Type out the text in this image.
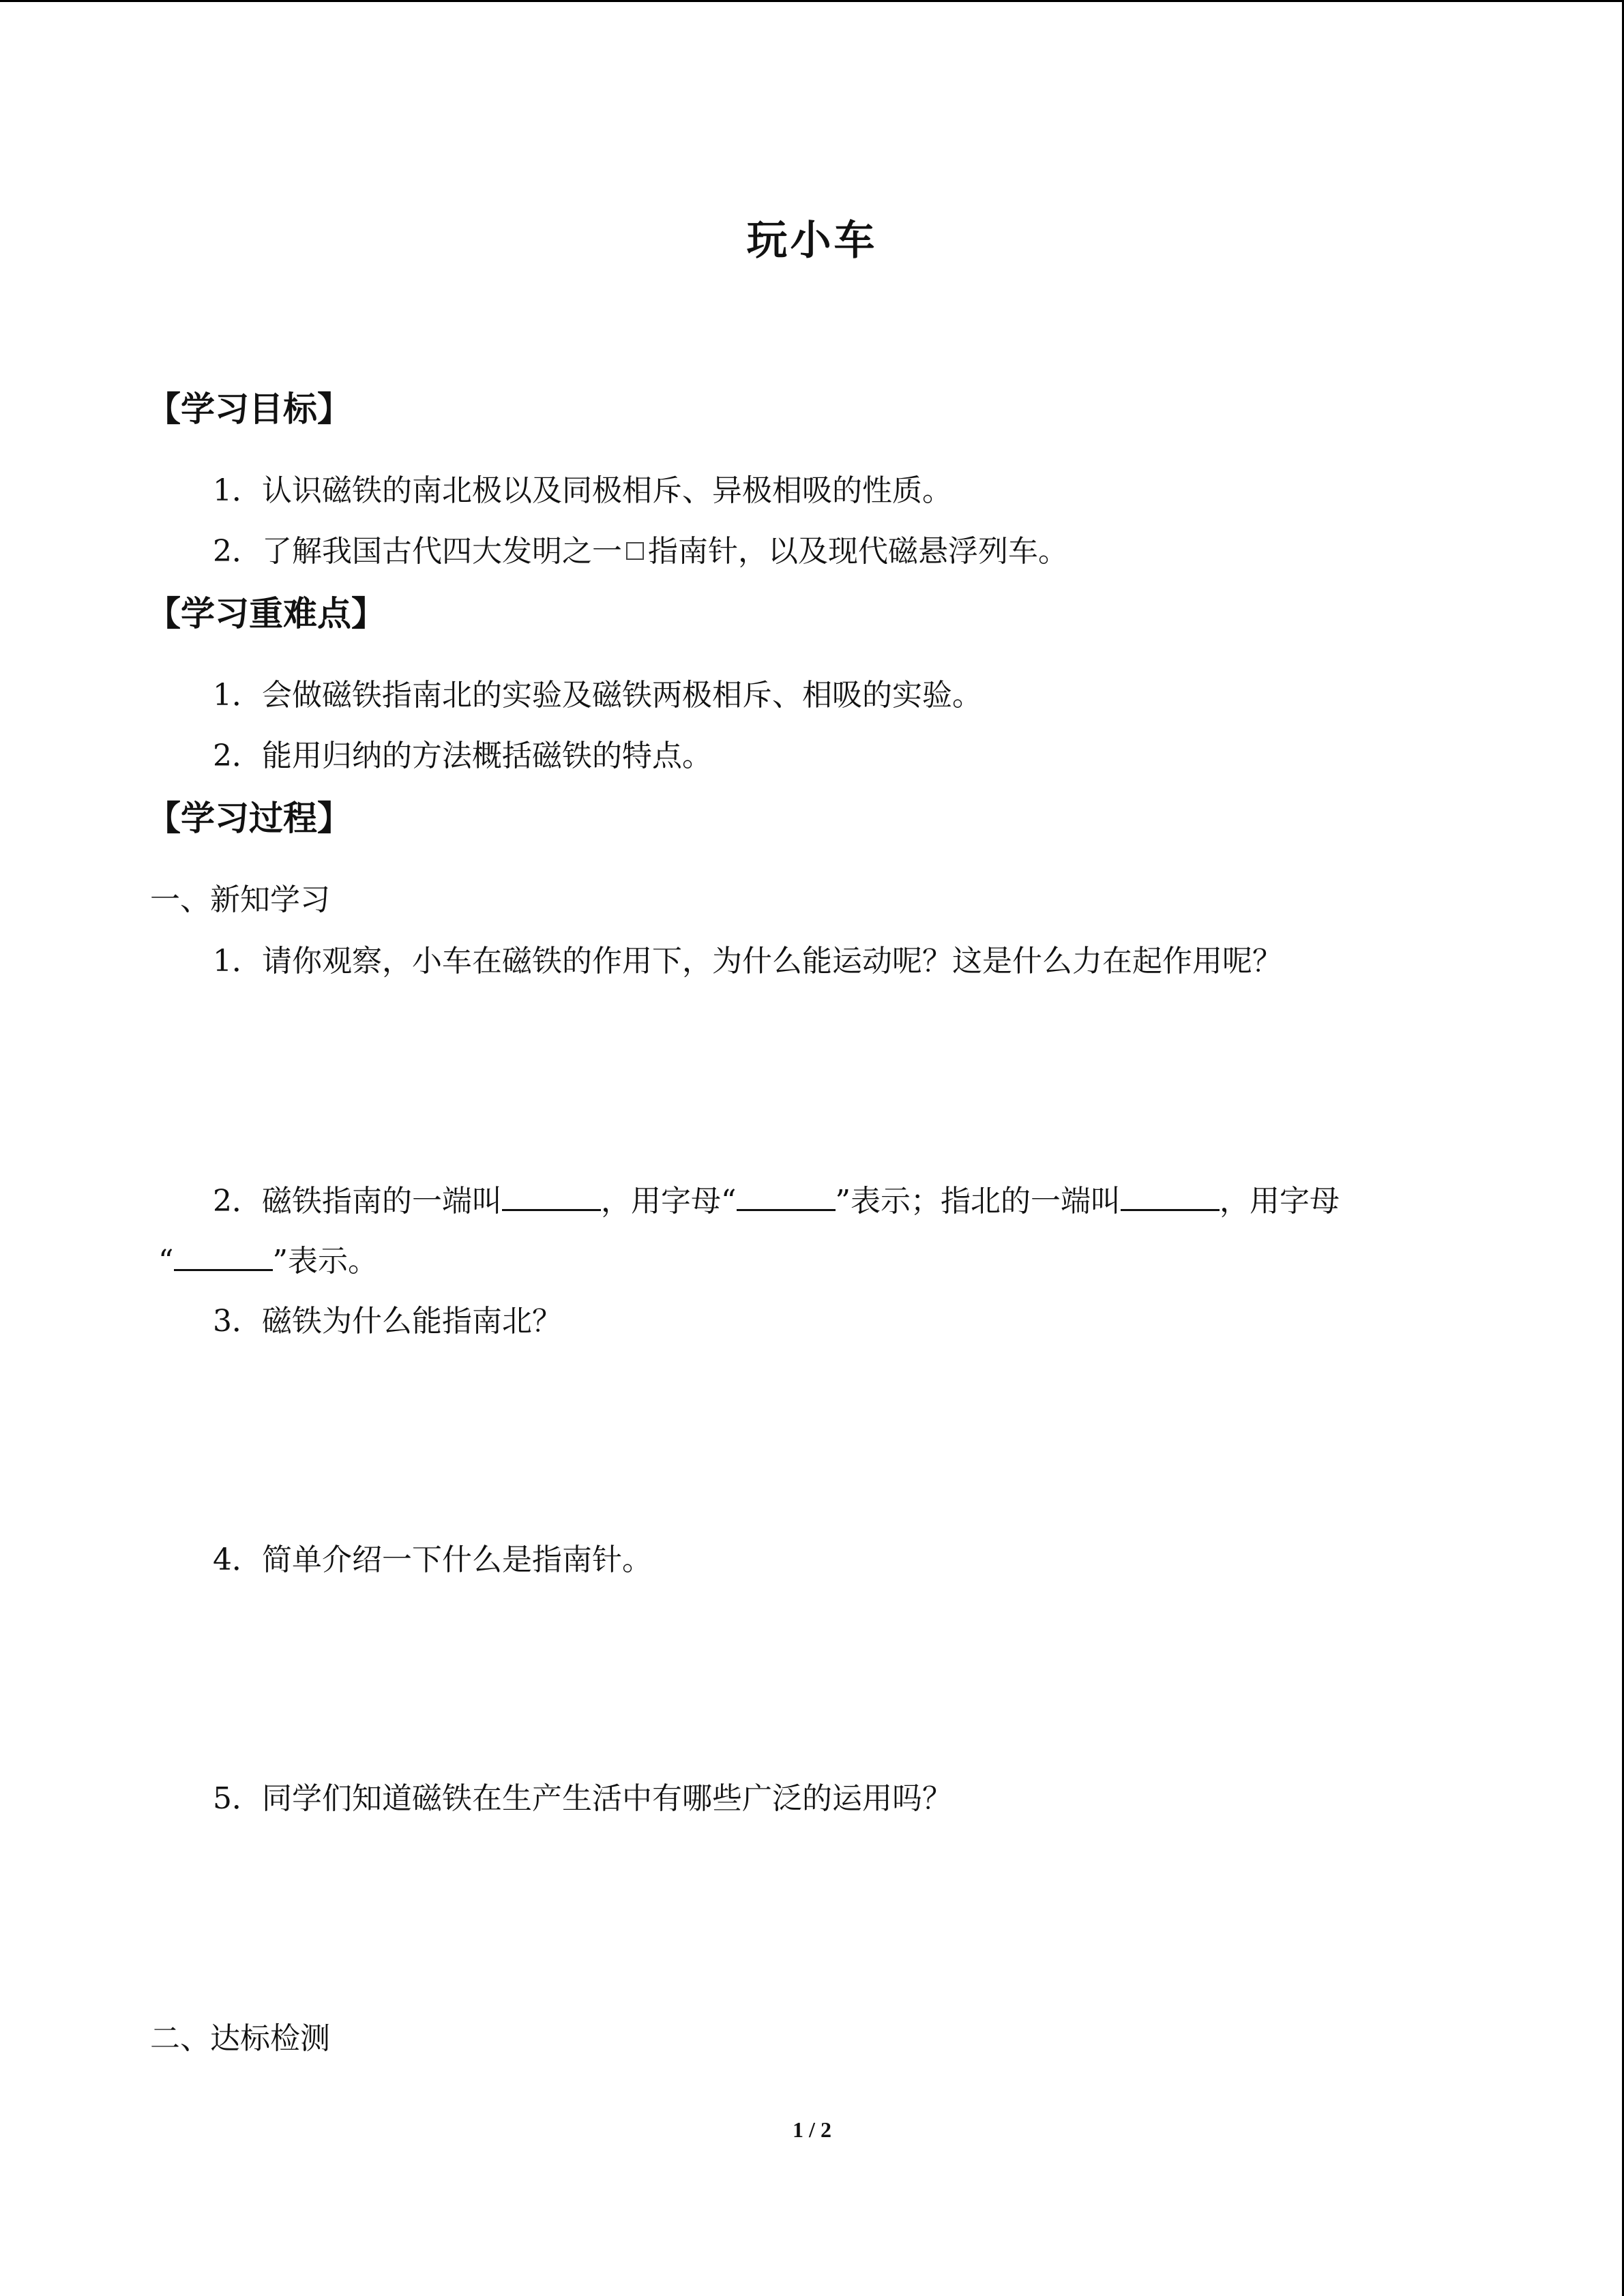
玩小车
【学习目标】
1．认识磁铁的南北极以及同极相斥、异极相吸的性质。
2．了解我国古代四大发明之一 指南针，以及现代磁悬浮列车。
【学习重难点】
1．会做磁铁指南北的实验及磁铁两极相斥、相吸的实验。
2．能用归纳的方法概括磁铁的特点。
【学习过程】
一、新知学习
1．请你观察，小车在磁铁的作用下，为什么能运动呢？这是什么力在起作用呢？
2．磁铁指南的一端叫	，用字母“	”表示；指北的一端叫	，用字母
“	”表示。
3．磁铁为什么能指南北？
4．简单介绍一下什么是指南针。
5．同学们知道磁铁在生产生活中有哪些广泛的运用吗？
二、达标检测
1 / 2
